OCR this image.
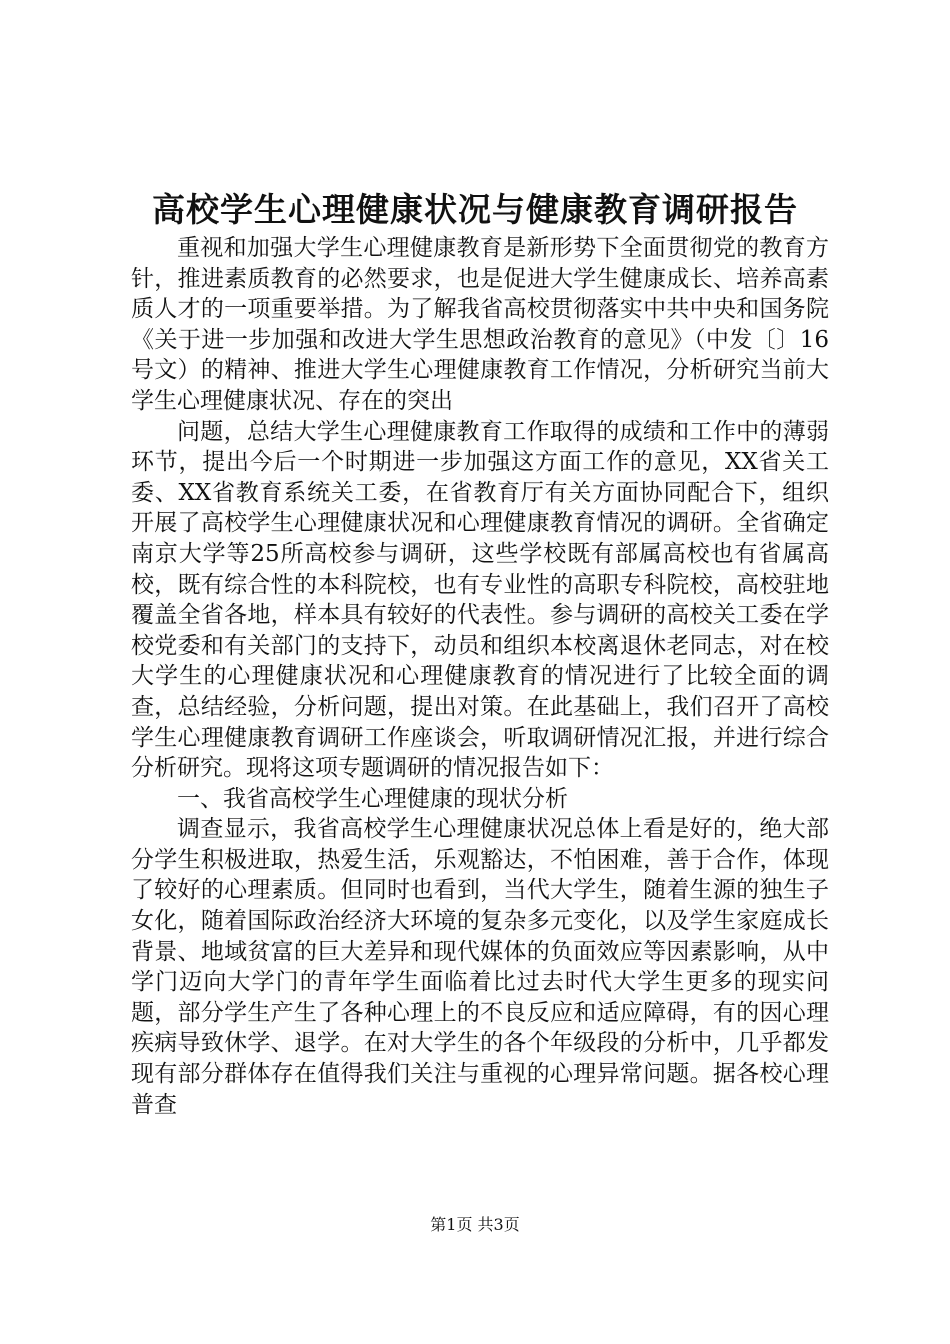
高校学生心理健康状况与健康教育调研报告

重视和加强大学生心理健康教育是新形势下全面贯彻党的教育方针，推进素质教育的必然要求，也是促进大学生健康成长、培养高素质人才的一项重要举措。为了解我省高校贯彻落实中共中央和国务院《关于进一步加强和改进大学生思想政治教育的意见》（中发〔〕16号文）的精神、推进大学生心理健康教育工作情况，分析研究当前大学生心理健康状况、存在的突出

问题，总结大学生心理健康教育工作取得的成绩和工作中的薄弱环节，提出今后一个时期进一步加强这方面工作的意见，XX省关工委、XX省教育系统关工委，在省教育厅有关方面协同配合下，组织开展了高校学生心理健康状况和心理健康教育情况的调研。全省确定南京大学等25所高校参与调研，这些学校既有部属高校也有省属高校，既有综合性的本科院校，也有专业性的高职专科院校，高校驻地覆盖全省各地，样本具有较好的代表性。参与调研的高校关工委在学校党委和有关部门的支持下，动员和组织本校离退休老同志，对在校大学生的心理健康状况和心理健康教育的情况进行了比较全面的调查，总结经验，分析问题，提出对策。在此基础上，我们召开了高校学生心理健康教育调研工作座谈会，听取调研情况汇报，并进行综合分析研究。现将这项专题调研的情况报告如下：

一、我省高校学生心理健康的现状分析

调查显示，我省高校学生心理健康状况总体上看是好的，绝大部分学生积极进取，热爱生活，乐观豁达，不怕困难，善于合作，体现了较好的心理素质。但同时也看到，当代大学生，随着生源的独生子女化，随着国际政治经济大环境的复杂多元变化，以及学生家庭成长背景、地域贫富的巨大差异和现代媒体的负面效应等因素影响，从中学门迈向大学门的青年学生面临着比过去时代大学生更多的现实问题，部分学生产生了各种心理上的不良反应和适应障碍，有的因心理疾病导致休学、退学。在对大学生的各个年级段的分析中，几乎都发现有部分群体存在值得我们关注与重视的心理异常问题。据各校心理普查

第1页 共3页
